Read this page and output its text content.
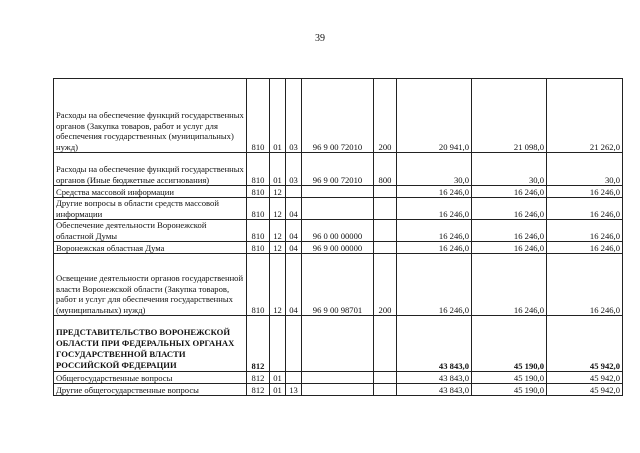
39
Расходы на обеспечение функций государственных органов (Закупка товаров, работ и услуг для обеспечения государственных (муниципальных) нужд)	810	01	03	96 9 00 72010	200	20 941,0	21 098,0	21 262,0
Расходы на обеспечение функций государственных органов (Иные бюджетные ассигнования)	810	01	03	96 9 00 72010	800	30,0	30,0	30,0
Средства массовой информации	810	12				16 246,0	16 246,0	16 246,0
Другие вопросы в области средств массовой информации	810	12	04			16 246,0	16 246,0	16 246,0
Обеспечение деятельности Воронежской областной Думы	810	12	04	96 0 00 00000		16 246,0	16 246,0	16 246,0
Воронежская областная Дума	810	12	04	96 9 00 00000		16 246,0	16 246,0	16 246,0
Освещение деятельности органов государственной власти Воронежской области (Закупка товаров, работ и услуг для обеспечения государственных (муниципальных) нужд)	810	12	04	96 9 00 98701	200	16 246,0	16 246,0	16 246,0
ПРЕДСТАВИТЕЛЬСТВО ВОРОНЕЖСКОЙ ОБЛАСТИ ПРИ ФЕДЕРАЛЬНЫХ ОРГАНАХ ГОСУДАРСТВЕННОЙ ВЛАСТИ РОССИЙСКОЙ ФЕДЕРАЦИИ	812					43 843,0	45 190,0	45 942,0
Общегосударственные вопросы	812	01				43 843,0	45 190,0	45 942,0
Другие общегосударственные вопросы	812	01	13			43 843,0	45 190,0	45 942,0
